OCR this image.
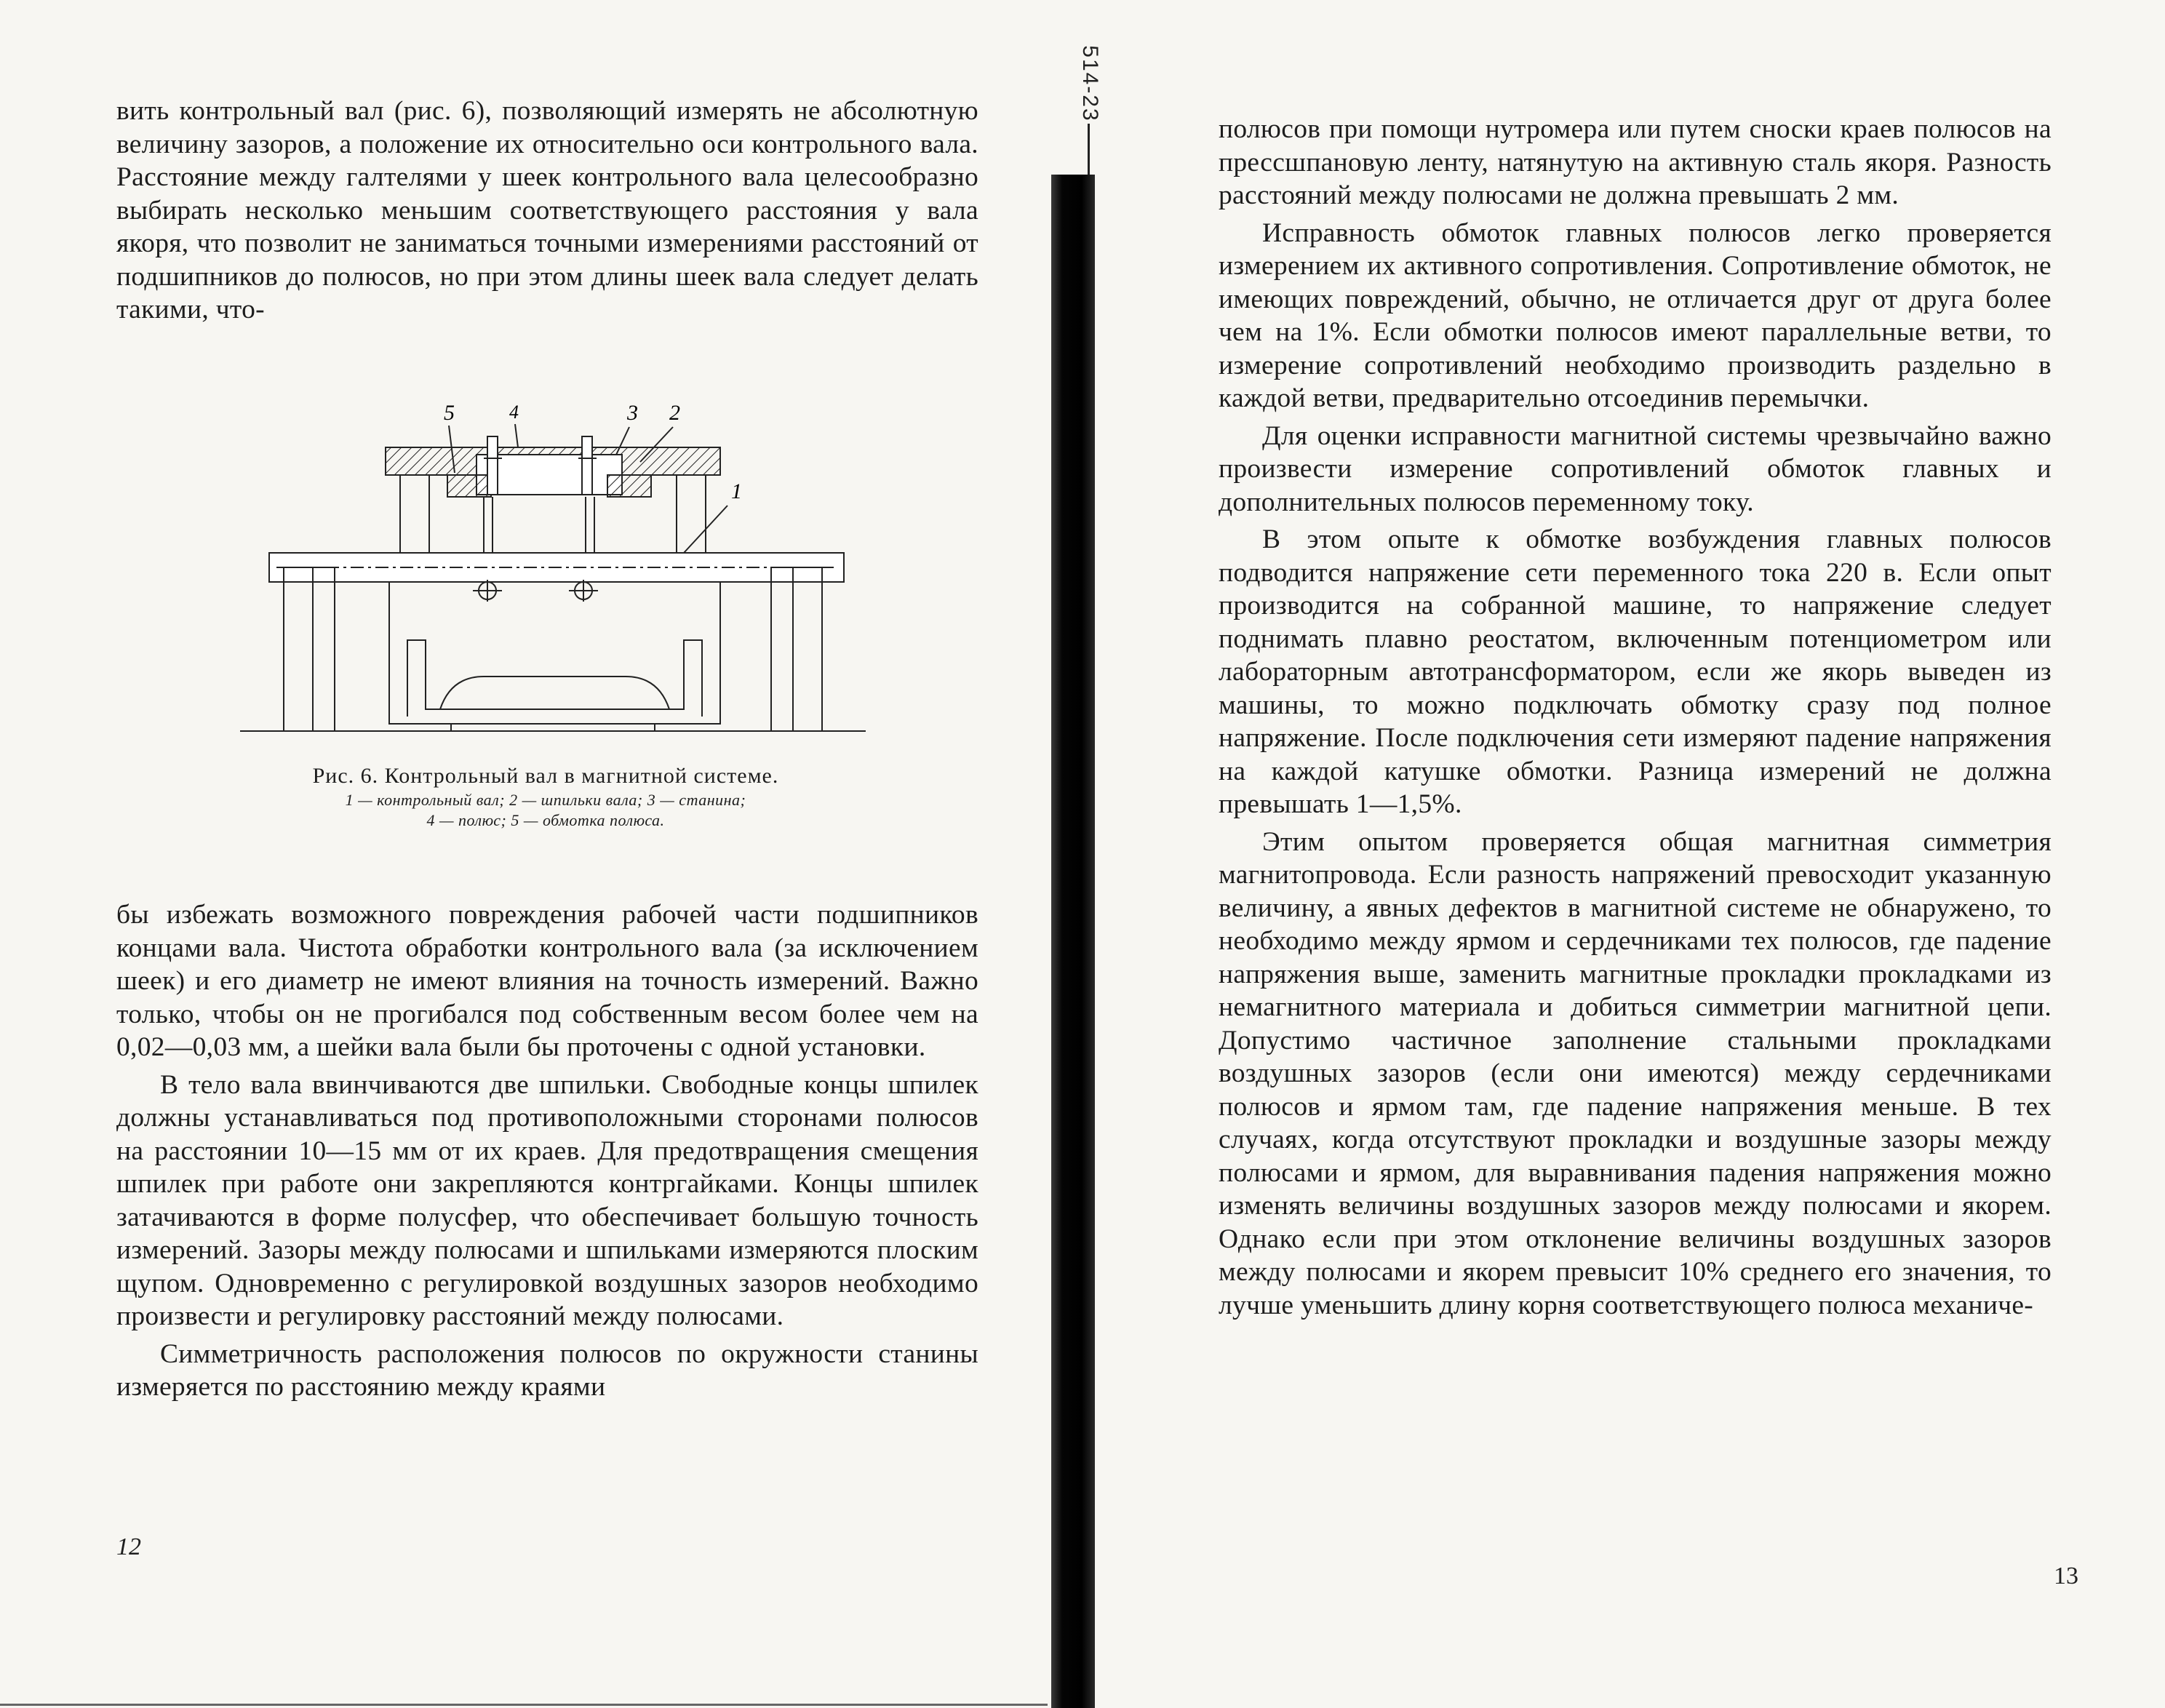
вить контрольный вал (рис. 6), позволяющий измерять не абсолютную величину зазоров, а положение их относительно оси контрольного вала. Расстояние между галтелями у шеек контрольного вала целесообразно выбирать несколько меньшим соответствующего расстояния у вала якоря, что позволит не заниматься точными измерениями расстояний от подшипников до полюсов, но при этом длины шеек вала следует делать такими, что-

5	4	3 2
1
Рис. 6. Контрольный вал в магнитной системе.
1 — контрольный вал; 2 — шпильки вала; 3 — станина;
4 — полюс; 5 — обмотка полюса.

бы избежать возможного повреждения рабочей части подшипников концами вала. Чистота обработки контрольного вала (за исключением шеек) и его диаметр не имеют влияния на точность измерений. Важно только, чтобы он не прогибался под собственным весом более чем на 0,02—0,03 мм, а шейки вала были бы проточены с одной установки.

В тело вала ввинчиваются две шпильки. Свободные концы шпилек должны устанавливаться под противоположными сторонами полюсов на расстоянии 10—15 мм от их краев. Для предотвращения смещения шпилек при работе они закрепляются контргайками. Концы шпилек затачиваются в форме полусфер, что обеспечивает большую точность измерений. Зазоры между полюсами и шпильками измеряются плоским щупом. Одновременно с регулировкой воздушных зазоров необходимо произвести и регулировку расстояний между полюсами.

Симметричность расположения полюсов по окружности станины измеряется по расстоянию между краями

12
514-23

полюсов при помощи нутромера или путем сноски краев полюсов на прессшпановую ленту, натянутую на активную сталь якоря. Разность расстояний между полюсами не должна превышать 2 мм.

Исправность обмоток главных полюсов легко проверяется измерением их активного сопротивления. Сопротивление обмоток, не имеющих повреждений, обычно, не отличается друг от друга более чем на 1%. Если обмотки полюсов имеют параллельные ветви, то измерение сопротивлений необходимо производить раздельно в каждой ветви, предварительно отсоединив перемычки.

Для оценки исправности магнитной системы чрезвычайно важно произвести измерение сопротивлений обмоток главных и дополнительных полюсов переменному току.

В этом опыте к обмотке возбуждения главных полюсов подводится напряжение сети переменного тока 220 в. Если опыт производится на собранной машине, то напряжение следует поднимать плавно реостатом, включенным потенциометром или лабораторным автотрансформатором, если же якорь выведен из машины, то можно подключать обмотку сразу под полное напряжение. После подключения сети измеряют падение напряжения на каждой катушке обмотки. Разница измерений не должна превышать 1—1,5%.

Этим опытом проверяется общая магнитная симметрия магнитопровода. Если разность напряжений превосходит указанную величину, а явных дефектов в магнитной системе не обнаружено, то необходимо между ярмом и сердечниками тех полюсов, где падение напряжения выше, заменить магнитные прокладки прокладками из немагнитного материала и добиться симметрии магнитной цепи. Допустимо частичное заполнение стальными прокладками воздушных зазоров (если они имеются) между сердечниками полюсов и ярмом там, где падение напряжения меньше. В тех случаях, когда отсутствуют прокладки и воздушные зазоры между полюсами и ярмом, для выравнивания падения напряжения можно изменять величины воздушных зазоров между полюсами и якорем. Однако если при этом отклонение величины воздушных зазоров между полюсами и якорем превысит 10% среднего его значения, то лучше уменьшить длину корня соответствующего полюса механиче-

13
